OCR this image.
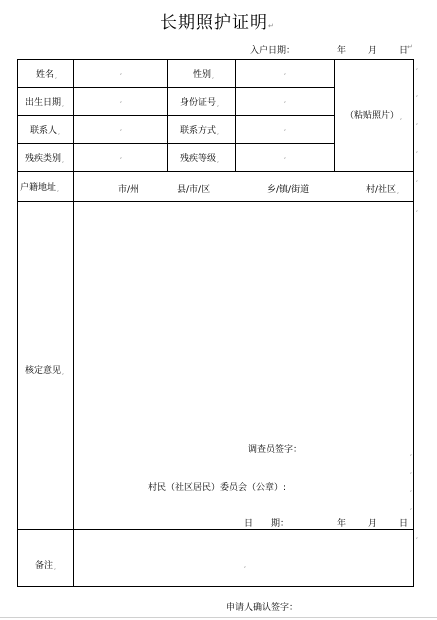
长期照护证明↵
入户日期：	年 月 日
↵
姓名¸	¸	性别¸	¸
出生日期¸	¸	身份证号¸	¸
联系人¸	¸	联系方式¸	¸
残疾类别¸	¸	残疾等级¸	¸
（粘贴照片）¸
户籍地址¸	市/州	县/市/区	乡/镇/街道	村/社区¸
核定意见¸
调查员签字：
村民（社区居民）委员会（公章）:
日　　期：	年 月 日
¸
¸
¸
¸
备注¸	¸
¸
¸
¸
¸
¸
¸
¸
申请人确认签字：
